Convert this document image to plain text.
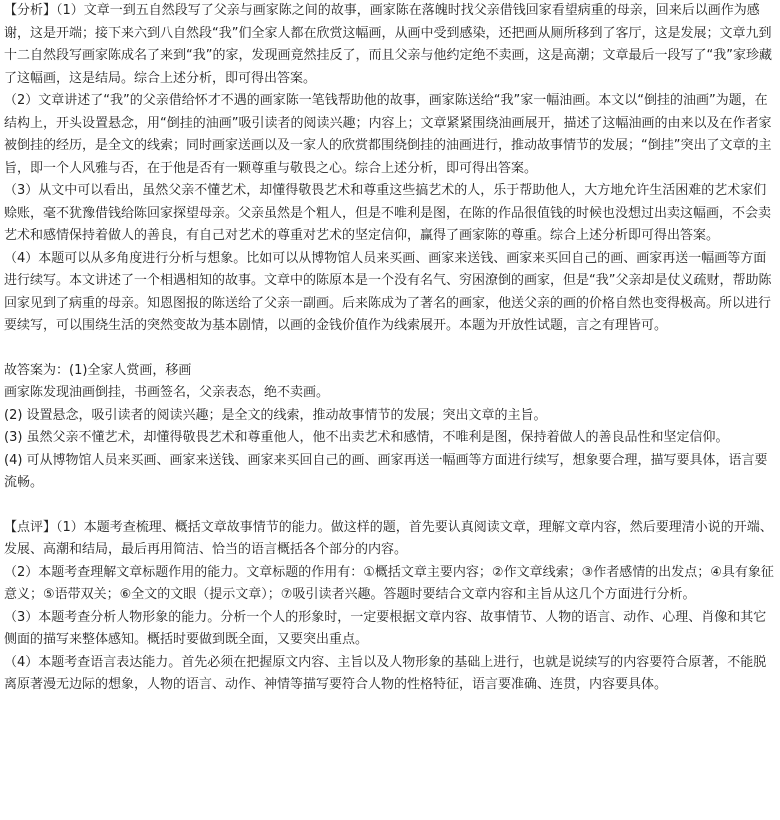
【分析】（1）文章一到五自然段写了父亲与画家陈之间的故事，画家陈在落魄时找父亲借钱回家看望病重的母亲，回来后以画作为感谢，这是开端；接下来六到八自然段“我”们全家人都在欣赏这幅画，从画中受到感染，还把画从厕所移到了客厅，这是发展；文章九到十二自然段写画家陈成名了来到“我”的家，发现画竟然挂反了，而且父亲与他约定绝不卖画，这是高潮；文章最后一段写了“我”家珍藏了这幅画，这是结局。综合上述分析，即可得出答案。

（2）文章讲述了“我”的父亲借给怀才不遇的画家陈一笔钱帮助他的故事，画家陈送给“我”家一幅油画。本文以“倒挂的油画”为题，在结构上，开头设置悬念，用“倒挂的油画”吸引读者的阅读兴趣；内容上；文章紧紧围绕油画展开，描述了这幅油画的由来以及在作者家被倒挂的经历，是全文的线索；同时画家送画以及一家人的欣赏都围绕倒挂的油画进行，推动故事情节的发展；“倒挂”突出了文章的主旨，即一个人风雅与否，在于他是否有一颗尊重与敬畏之心。综合上述分析，即可得出答案。

（3）从文中可以看出，虽然父亲不懂艺术，却懂得敬畏艺术和尊重这些搞艺术的人，乐于帮助他人，大方地允许生活困难的艺术家们赊账，毫不犹豫借钱给陈回家探望母亲。父亲虽然是个粗人，但是不唯利是图，在陈的作品很值钱的时候也没想过出卖这幅画，不会卖艺术和感情保持着做人的善良，有自己对艺术的尊重对艺术的坚定信仰，赢得了画家陈的尊重。综合上述分析即可得出答案。

（4）本题可以从多角度进行分析与想象。比如可以从博物馆人员来买画、画家来送钱、画家来买回自己的画、画家再送一幅画等方面进行续写。本文讲述了一个相遇相知的故事。文章中的陈原本是一个没有名气、穷困潦倒的画家，但是“我”父亲却是仗义疏财，帮助陈回家见到了病重的母亲。知恩图报的陈送给了父亲一副画。后来陈成为了著名的画家，他送父亲的画的价格自然也变得极高。所以进行要续写，可以围绕生活的突然变故为基本剧情，以画的金钱价值作为线索展开。本题为开放性试题，言之有理皆可。

故答案为：(1)全家人赏画，移画

画家陈发现油画倒挂，书画签名，父亲表态，绝不卖画。

(2) 设置悬念，吸引读者的阅读兴趣；是全文的线索，推动故事情节的发展；突出文章的主旨。

(3) 虽然父亲不懂艺术，却懂得敬畏艺术和尊重他人，他不出卖艺术和感情，不唯利是图，保持着做人的善良品性和坚定信仰。

(4) 可从博物馆人员来买画、画家来送钱、画家来买回自己的画、画家再送一幅画等方面进行续写，想象要合理，描写要具体，语言要流畅。

【点评】（1）本题考查梳理、概括文章故事情节的能力。做这样的题，首先要认真阅读文章，理解文章内容，然后要理清小说的开端、发展、高潮和结局，最后再用简洁、恰当的语言概括各个部分的内容。

（2）本题考查理解文章标题作用的能力。文章标题的作用有：①概括文章主要内容；②作文章线索；③作者感情的出发点；④具有象征意义；⑤语带双关；⑥全文的文眼（提示文章）；⑦吸引读者兴趣。答题时要结合文章内容和主旨从这几个方面进行分析。

（3）本题考查分析人物形象的能力。分析一个人的形象时，一定要根据文章内容、故事情节、人物的语言、动作、心理、肖像和其它侧面的描写来整体感知。概括时要做到既全面，又要突出重点。

（4）本题考查语言表达能力。首先必须在把握原文内容、主旨以及人物形象的基础上进行，也就是说续写的内容要符合原著，不能脱离原著漫无边际的想象，人物的语言、动作、神情等描写要符合人物的性格特征，语言要准确、连贯，内容要具体。
